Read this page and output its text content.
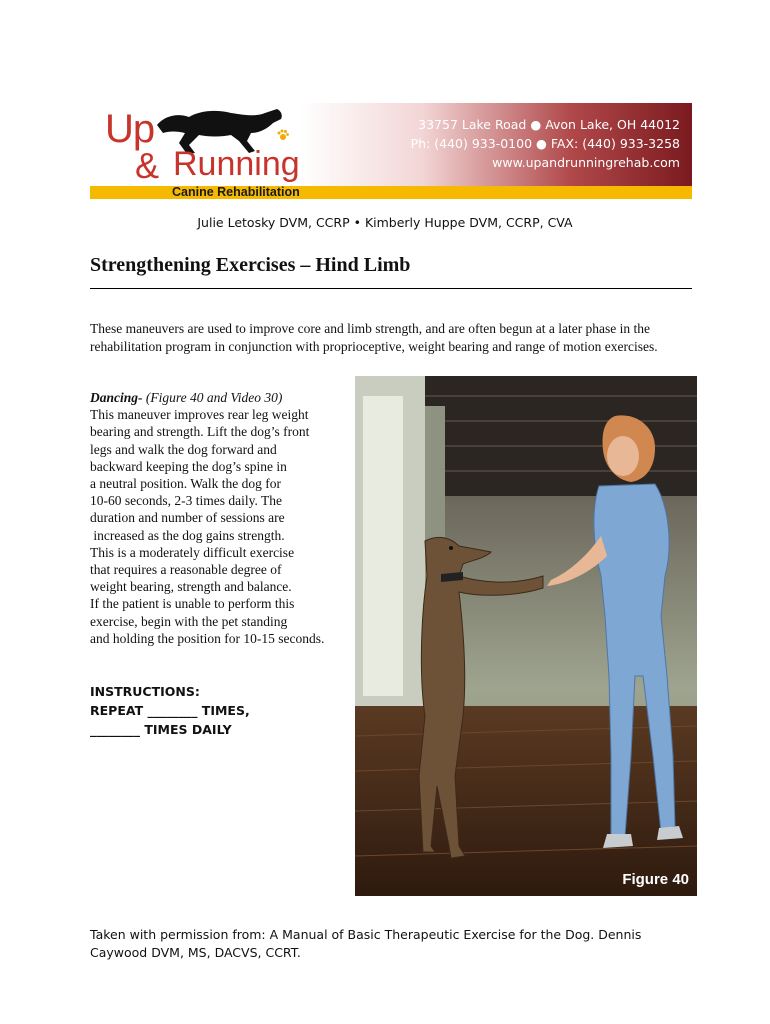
Up
& Running
33757 Lake Road ● Avon Lake, OH 44012
Ph: (440) 933-0100 ● FAX: (440) 933-3258
www.upandrunningrehab.com
Canine Rehabilitation
Julie Letosky DVM, CCRP • Kimberly Huppe DVM, CCRP, CVA
Strengthening Exercises – Hind Limb
These maneuvers are used to improve core and limb strength, and are often begun at a later phase in the rehabilitation program in conjunction with proprioceptive, weight bearing and range of motion exercises.
Dancing- (Figure 40 and Video 30)
This maneuver improves rear leg weight
bearing and strength. Lift the dog’s front
legs and walk the dog forward and
backward keeping the dog’s spine in
a neutral position. Walk the dog for
10-60 seconds, 2-3 times daily. The
duration and number of sessions are
increased as the dog gains strength.
This is a moderately difficult exercise
that requires a reasonable degree of
weight bearing, strength and balance.
If the patient is unable to perform this
exercise, begin with the pet standing
and holding the position for 10-15 seconds.
INSTRUCTIONS:
REPEAT ________ TIMES,
________ TIMES DAILY
Figure 40
Taken with permission from: A Manual of Basic Therapeutic Exercise for the Dog. Dennis Caywood DVM, MS, DACVS, CCRT.
